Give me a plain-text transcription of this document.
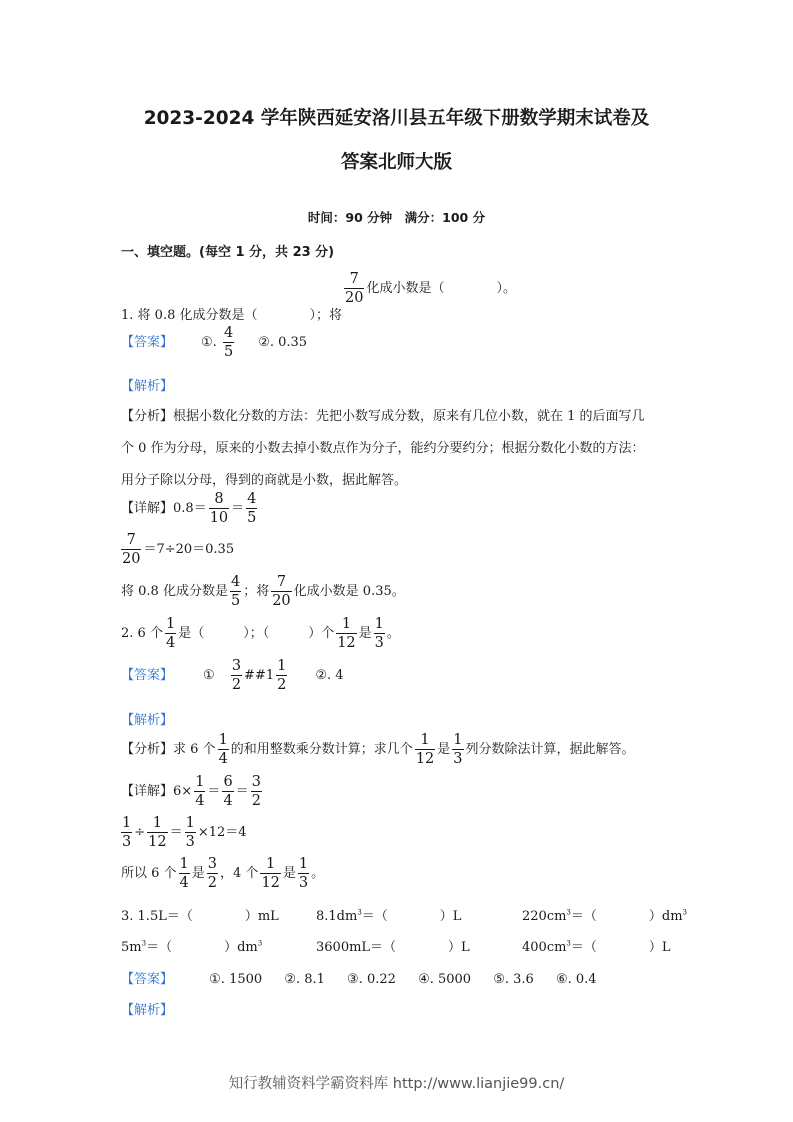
2023-2024 学年陕西延安洛川县五年级下册数学期末试卷及
答案北师大版
时间：90 分钟　满分：100 分
一、填空题。(每空 1 分，共 23 分)
1. 将 0.8 化成分数是（　　　　）；将
$\frac{7}{20}$ 化成小数是（　　　　）。
【答案】 ①. $\frac{4}{5}$ ②. 0.35
【解析】
【分析】根据小数化分数的方法：先把小数写成分数，原来有几位小数，就在 1 的后面写几
个 0 作为分母，原来的小数去掉小数点作为分子，能约分要约分；根据分数化小数的方法：
用分子除以分母，得到的商就是小数，据此解答。
【详解】$0.8= \frac{8}{10} = \frac{4}{5}$
$\frac{7}{20} =7\div 20=0.35$
将 0.8 化成分数是 $\frac{4}{5}$ ；将 $\frac{7}{20}$ 化成小数是 0.35。
2. 6 个 $\frac{1}{4}$ 是（　　　）；（　　　）个 $\frac{1}{12}$ 是 $\frac{1}{3}$ 。
【答案】 ① $\frac{3}{2}$ ##1 $\frac{1}{2}$ ②. 4
【解析】
【分析】求 6 个 $\frac{1}{4}$ 的和用整数乘分数计算；求几个 $\frac{1}{12}$ 是 $\frac{1}{3}$ 列分数除法计算，据此解答。
【详解】$6\times \frac{1}{4} = \frac{6}{4} = \frac{3}{2}$
$\frac{1}{3} \div \frac{1}{12} = \frac{1}{3} \times 12=4$
所以 6 个 $\frac{1}{4}$ 是 $\frac{3}{2}$ ，4 个 $\frac{1}{12}$ 是 $\frac{1}{3}$ 。
3. 1.5L＝（　　　　）mL	$8.1dm^3=$（　　　　）L	$220cm^3=$（　　　　）$dm^3$
$5m^3=$（　　　　）$dm^3$	3600mL＝（　　　　）L	$400cm^3=$（　　　　）L
【答案】	①. 1500 ②. 8.1 ③. 0.22 ④. 5000 ⑤. 3.6 ⑥. 0.4
【解析】
知行教辅资料学霸资料库 http://www.lianjie99.cn/
